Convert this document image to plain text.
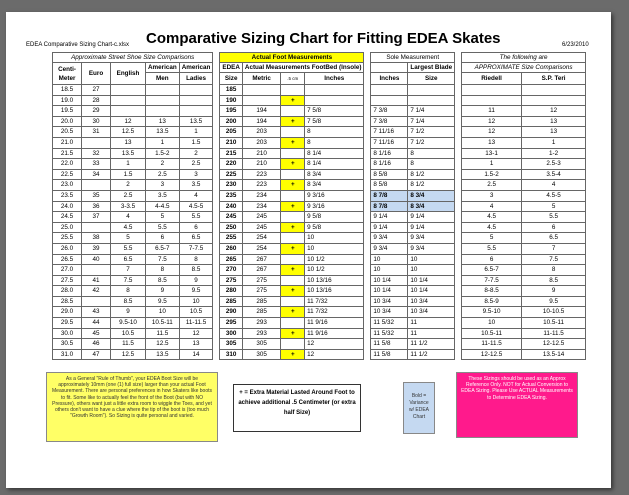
EDEA Comparative Sizing Chart-c.xlsx Comparative Sizing Chart for Fitting EDEA Skates	6/23/2010
Approximate Street Shoe Size Comparisons						Actual Foot Measurements					Sole Measurement			The following are	
Centi-
Meter	Euro	English	American	American		EDEA	Actual Measurements FootBed (Insole)					Largest Blade		APPROXIMATE Size Comparisons	
			Men	Ladies		Size	Metric	.5 cm	Inches		Inches	Size		Riedell	S.P. Teri
18.5	27					185									
19.0	28					190		+							
19.5	29					195	194		7 5/8		7 3/8	7 1/4		11	12
20.0	30	12	13	13.5		200	194	+	7 5/8		7 3/8	7 1/4		12	13
20.5	31	12.5	13.5	1		205	203		8		7 11/16	7 1/2		12	13
21.0		13	1	1.5		210	203	+	8		7 11/16	7 1/2		13	1
21.5	32	13.5	1.5-2	2		215	210		8 1/4		8 1/16	8		13-1	1-2
22.0	33	1	2	2.5		220	210	+	8 1/4		8 1/16	8		1	2.5-3
22.5	34	1.5	2.5	3		225	223		8 3/4		8 5/8	8 1/2		1.5-2	3.5-4
23.0		2	3	3.5		230	223	+	8 3/4		8 5/8	8 1/2		2.5	4
23.5	35	2.5	3.5	4		235	234		9 3/16		8 7/8	8 3/4		3	4.5-5
24.0	36	3-3.5	4-4.5	4.5-5		240	234	+	9 3/16		8 7/8	8 3/4		4	5
24.5	37	4	5	5.5		245	245		9 5/8		9 1/4	9 1/4		4.5	5.5
25.0		4.5	5.5	6		250	245	+	9 5/8		9 1/4	9 1/4		4.5	6
25.5	38	5	6	6.5		255	254		10		9 3/4	9 3/4		5	6.5
26.0	39	5.5	6.5-7	7-7.5		260	254	+	10		9 3/4	9 3/4		5.5	7
26.5	40	6.5	7.5	8		265	267		10 1/2		10	10		6	7.5
27.0		7	8	8.5		270	267	+	10 1/2		10	10		6.5-7	8
27.5	41	7.5	8.5	9		275	275		10 13/16		10 1/4	10 1/4		7-7.5	8.5
28.0	42	8	9	9.5		280	275	+	10 13/16		10 1/4	10 1/4		8-8.5	9
28.5		8.5	9.5	10		285	285		11 7/32		10 3/4	10 3/4		8.5-9	9.5
29.0	43	9	10	10.5		290	285	+	11 7/32		10 3/4	10 3/4		9.5-10	10-10.5
29.5	44	9.5-10	10.5-11	11-11.5		295	293		11 9/16		11 5/32	11		10	10.5-11
30.0	45	10.5	11.5	12		300	293	+	11 9/16		11 5/32	11		10.5-11	11-11.5
30.5	46	11.5	12.5	13		305	305		12		11 5/8	11 1/2		11-11.5	12-12.5
31.0	47	12.5	13.5	14		310	305	+	12		11 5/8	11 1/2		12-12.5	13.5-14
As a General "Rule of Thumb", your EDEA Boot Size will be approximately 10mm (one (1) full size) larger than your actual Foot Measurement. There are personal preferences in how Skaters like boots to fit. Some like to actually feel the front of the Boot (but with NO Pressure), others want just a little extra room to wiggle the Toes, and yet others don't want to have a clue where the tip of the boot is (too much "Growth Room"). So Sizing is quite personal and varied.
+ = Extra Material Lasted Around Foot to achieve additional .5 Centimeter (or extra half Size)
Bold = Variance w/ EDEA Chart
These Sizings should be used as an Approx Reference Only. NOT for Actual Conversion to EDEA Sizing. Please Use ACTUAL Measurements to Determine EDEA Sizing.
